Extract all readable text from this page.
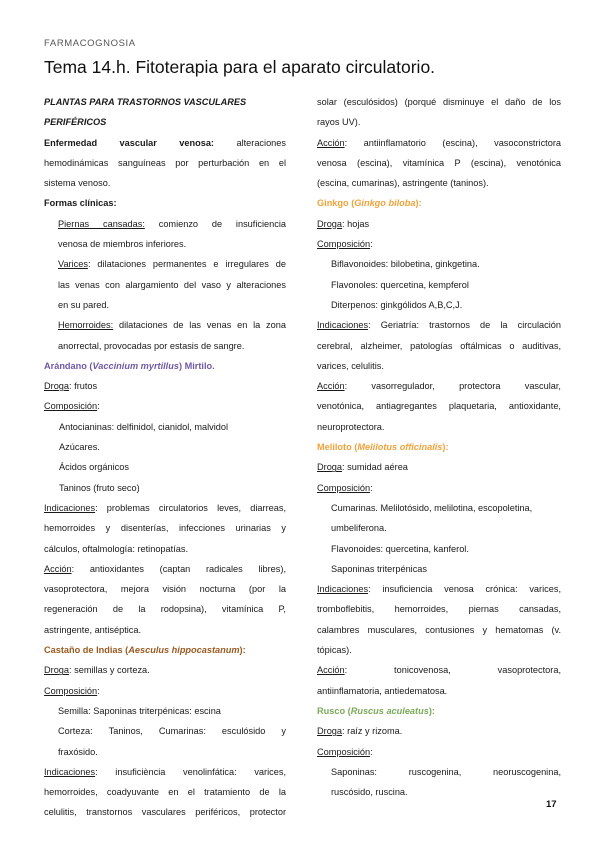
FARMACOGNOSIA
Tema 14.h. Fitoterapia para el aparato circulatorio.

PLANTAS PARA TRASTORNOS VASCULARES PERIFÉRICOS

Enfermedad vascular venosa: alteraciones

hemodinámicas sanguíneas por perturbación en el

sistema venoso.

Formas clínicas:

Piernas cansadas: comienzo de insuficiencia

venosa de miembros inferiores.

Varices: dilataciones permanentes e irregulares de

las venas con alargamiento del vaso y alteraciones

en su pared.

Hemorroides: dilataciones de las venas en la zona

anorrectal, provocadas por estasis de sangre.

Arándano (Vaccinium myrtillus) Mirtilo.

Droga: frutos

Composición:

Antocianinas: delfinidol, cianidol, malvidol

Azúcares.

Ácidos orgánicos

Taninos (fruto seco)

Indicaciones: problemas circulatorios leves, diarreas,

hemorroides y disenterías, infecciones urinarias y

cálculos, oftalmología: retinopatías.

Acción: antioxidantes (captan radicales libres),

vasoprotectora, mejora visión nocturna (por la

regeneración de la rodopsina), vitamínica P,

astringente, antiséptica.

Castaño de Indias (Aesculus hippocastanum):

Droga: semillas y corteza.

Composición:

Semilla: Saponinas triterpénicas: escina

Corteza: Taninos, Cumarinas: esculósido y

fraxósido.

Indicaciones: insuficiència venolinfática: varices,

hemorroides, coadyuvante en el tratamiento de la

celulitis, transtornos vasculares periféricos, protector

solar (esculósidos) (porqué disminuye el daño de los

rayos UV).

Acción: antiinflamatorio (escina), vasoconstrictora

venosa (escina), vitamínica P (escina), venotónica

(escina, cumarinas), astringente (taninos).

Ginkgo (Ginkgo biloba):

Droga: hojas

Composición:

Biflavonoides: bilobetina, ginkgetina.

Flavonoles: quercetina, kempferol

Diterpenos: ginkgólidos A,B,C,J.

Indicaciones: Geriatría: trastornos de la circulación

cerebral, alzheimer, patologías oftálmicas o auditivas,

varices, celulitis.

Acción: vasorregulador, protectora vascular,

venotónica, antiagregantes plaquetaria, antioxidante,

neuroprotectora.

Meliloto (Melilotus officinalis):

Droga: sumidad aérea

Composición:

Cumarinas. Melilotósido, melilotina, escopoletina,

umbeliferona.

Flavonoides: quercetina, kanferol.

Saponinas triterpénicas

Indicaciones: insuficiencia venosa crónica: varices,

tromboflebitis, hemorroides, piernas cansadas,

calambres musculares, contusiones y hematomas (v.

tópicas).

Acción: tonicovenosa, vasoprotectora,

antiinflamatoria, antiedematosa.

Rusco (Ruscus aculeatus):

Droga: raíz y rizoma.

Composición:

Saponinas: ruscogenina, neoruscogenina,

ruscósido, ruscina.

17
